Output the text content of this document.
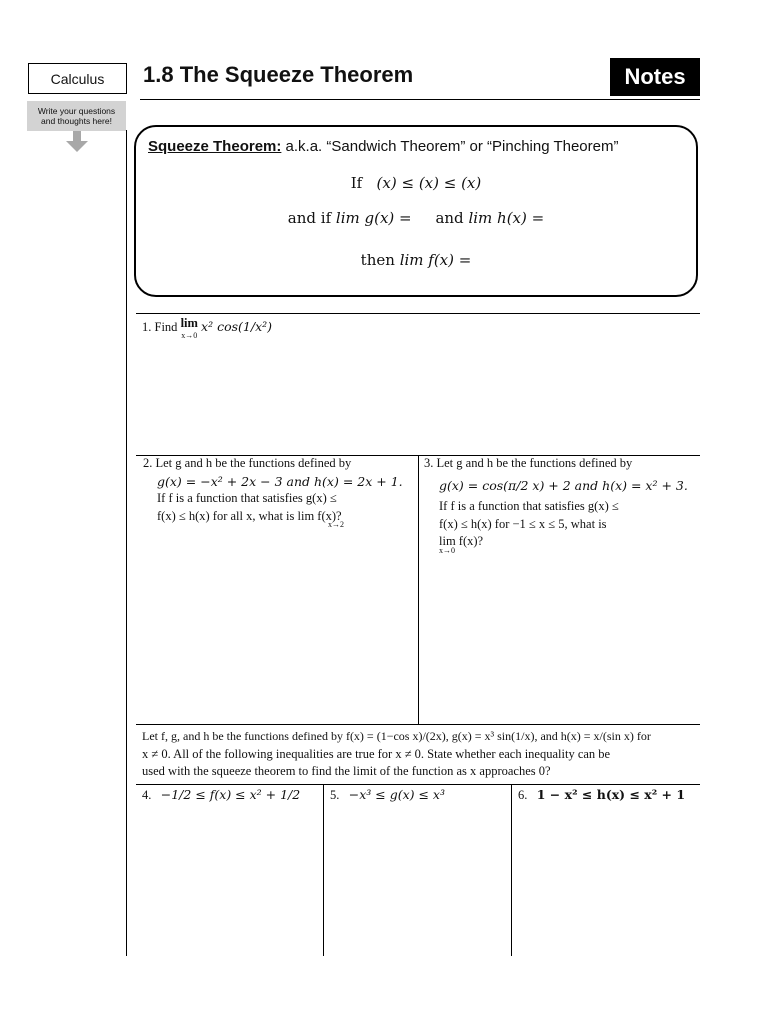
Calculus	1.8 The Squeeze Theorem	Notes
Write your questions
and thoughts here!
Squeeze Theorem: a.k.a. “Sandwich Theorem” or “Pinching Theorem”
If (x) ≤ (x) ≤ (x)
and if lim g(x) = and lim h(x) =
then lim f(x) =
1. Find lim
x→0 x² cos(1/x²)
2. Let g and h be the functions defined by
g(x) = −x² + 2x − 3 and h(x) = 2x + 1.
If f is a function that satisfies g(x) ≤
f(x) ≤ h(x) for all x, what is lim f(x)?
x→2
3. Let g and h be the functions defined by
g(x) = cos(π/2 x) + 2 and h(x) = x² + 3.
If f is a function that satisfies g(x) ≤
f(x) ≤ h(x) for −1 ≤ x ≤ 5, what is
lim f(x)?
x→0
Let f, g, and h be the functions defined by f(x) = (1−cos x)/(2x), g(x) = x³ sin(1/x), and h(x) = x/(sin x) for
x ≠ 0. All of the following inequalities are true for x ≠ 0. State whether each inequality can be
used with the squeeze theorem to find the limit of the function as x approaches 0?
4. −1/2 ≤ f(x) ≤ x² + 1/2 5. −x³ ≤ g(x) ≤ x³	6. 1 − x² ≤ h(x) ≤ x² + 1
